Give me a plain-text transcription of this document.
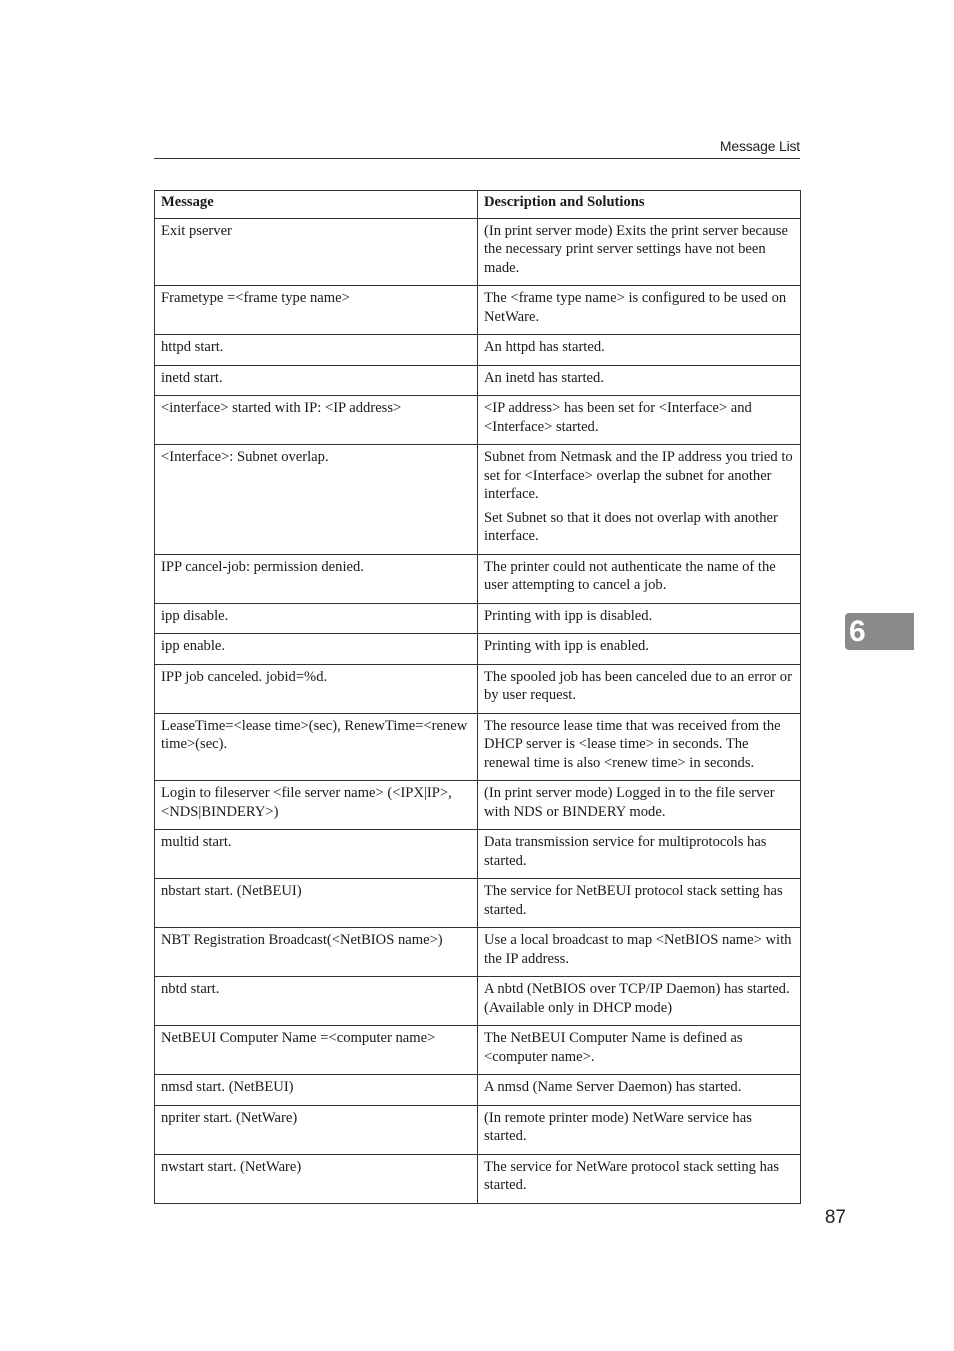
Message List
Message	Description and Solutions
Exit pserver	(In print server mode) Exits the print server because the necessary print server settings have not been made.

Frametype =<frame type name>	The <frame type name> is configured to be used on NetWare.

httpd start.	An httpd has started.

inetd start.	An inetd has started.

<interface> started with IP: <IP address>	<IP address> has been set for <Interface> and <Interface> started.

<Interface>: Subnet overlap.	Subnet from Netmask and the IP address you tried to set for <Interface> overlap the subnet for another interface.
Set Subnet so that it does not overlap with another interface.

IPP cancel-job: permission denied.	The printer could not authenticate the name of the user attempting to cancel a job.

ipp disable.	Printing with ipp is disabled.

ipp enable.	Printing with ipp is enabled.

IPP job canceled. jobid=%d.	The spooled job has been canceled due to an error or by user request.

LeaseTime=<lease time>(sec), RenewTime=<renew time>(sec).	The resource lease time that was received from the DHCP server is <lease time> in seconds. The renewal time is also <renew time> in seconds.

Login to fileserver <file server name> (<IPX|IP>,<NDS|BINDERY>)	(In print server mode) Logged in to the file server with NDS or BINDERY mode.

multid start.	Data transmission service for multiprotocols has started.

nbstart start. (NetBEUI)	The service for NetBEUI protocol stack setting has started.

NBT Registration Broadcast(<NetBIOS name>)	Use a local broadcast to map <NetBIOS name> with the IP address.

nbtd start.	A nbtd (NetBIOS over TCP/IP Daemon) has started. (Available only in DHCP mode)

NetBEUI Computer Name =<computer name>	The NetBEUI Computer Name is defined as <computer name>.

nmsd start. (NetBEUI)	A nmsd (Name Server Daemon) has started.

npriter start. (NetWare)	(In remote printer mode) NetWare service has started.

nwstart start. (NetWare)	The service for NetWare protocol stack setting has started.
6
87
